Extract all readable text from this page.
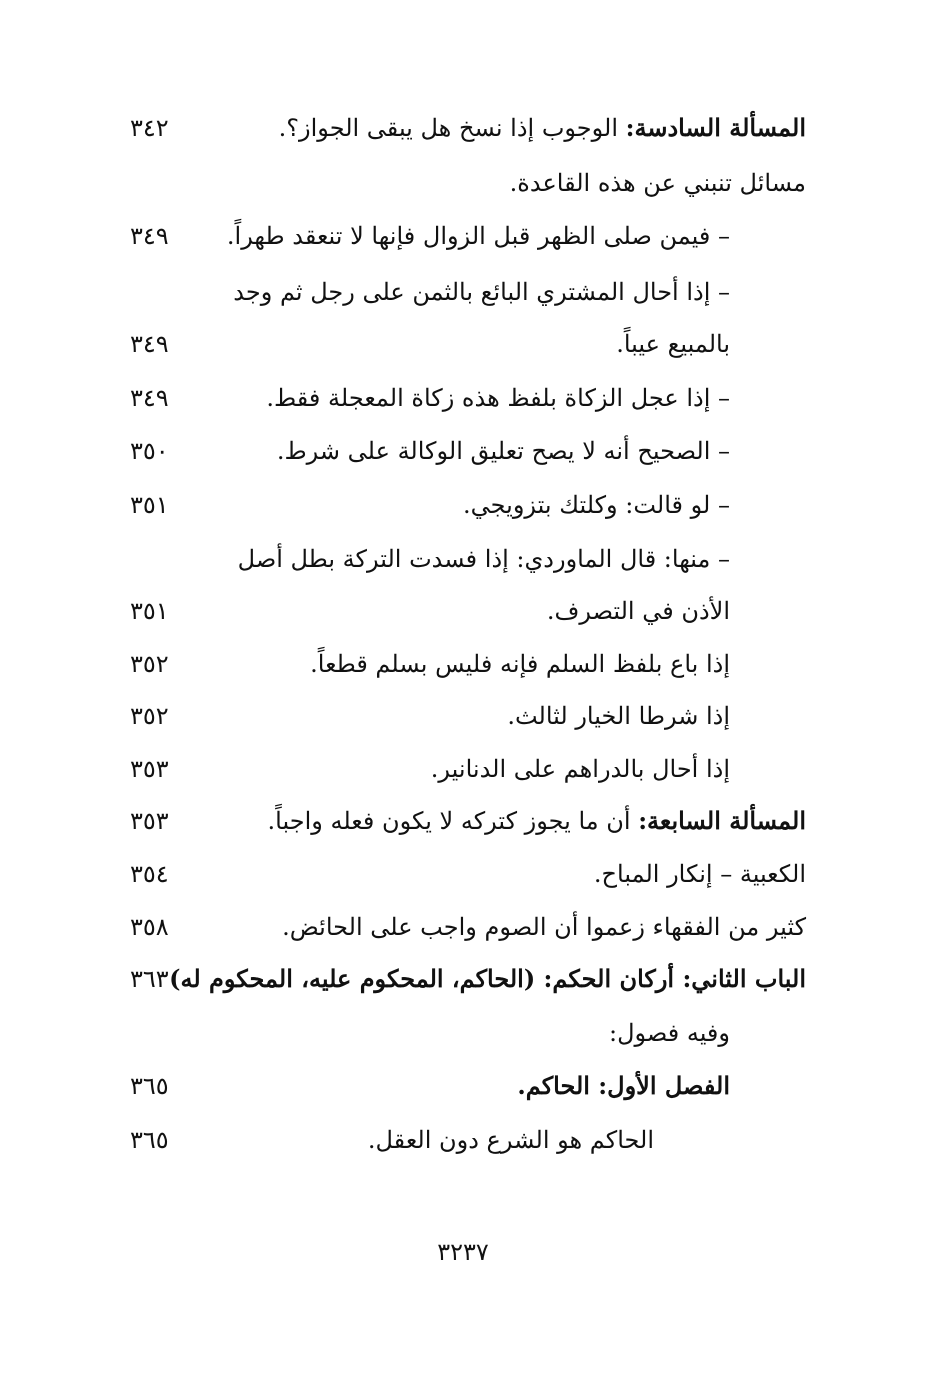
المسألة السادسة: الوجوب إذا نسخ هل يبقى الجواز؟.
٣٤٢
مسائل تنبني عن هذه القاعدة.
– فيمن صلى الظهر قبل الزوال فإنها لا تنعقد طهراً.
٣٤٩
– إذا أحال المشتري البائع بالثمن على رجل ثم وجد
بالمبيع عيباً.
٣٤٩
– إذا عجل الزكاة بلفظ هذه زكاة المعجلة فقط.
٣٤٩
– الصحيح أنه لا يصح تعليق الوكالة على شرط.
٣٥٠
– لو قالت: وكلتك بتزويجي.
٣٥١
– منها: قال الماوردي: إذا فسدت التركة بطل أصل
الأذن في التصرف.
٣٥١
إذا باع بلفظ السلم فإنه فليس بسلم قطعاً.
٣٥٢
إذا شرطا الخيار لثالث.
٣٥٢
إذا أحال بالدراهم على الدنانير.
٣٥٣
المسألة السابعة: أن ما يجوز كتركه لا يكون فعله واجباً.
٣٥٣
الكعبية – إنكار المباح.
٣٥٤
كثير من الفقهاء زعموا أن الصوم واجب على الحائض.
٣٥٨
الباب الثاني: أركان الحكم: (الحاكم، المحكوم عليه، المحكوم له)
٣٦٣
وفيه فصول:
الفصل الأول: الحاكم.
٣٦٥
الحاكم هو الشرع دون العقل.
٣٦٥
٣٢٣٧
